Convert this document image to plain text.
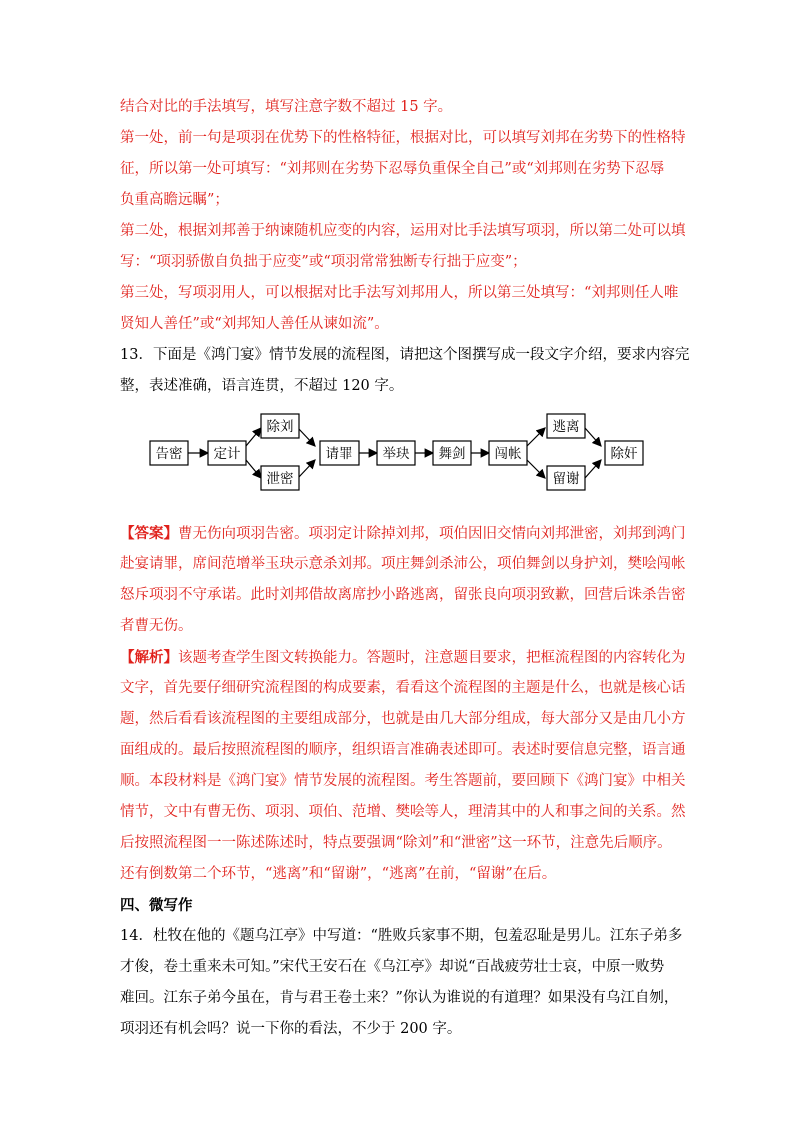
结合对比的手法填写，填写注意字数不超过 15 字。
第一处，前一句是项羽在优势下的性格特征，根据对比，可以填写刘邦在劣势下的性格特
征，所以第一处可填写：“刘邦则在劣势下忍辱负重保全自己”或“刘邦则在劣势下忍辱
负重高瞻远瞩”；
第二处，根据刘邦善于纳谏随机应变的内容，运用对比手法填写项羽，所以第二处可以填
写：“项羽骄傲自负拙于应变”或“项羽常常独断专行拙于应变”；
第三处，写项羽用人，可以根据对比手法写刘邦用人，所以第三处填写：“刘邦则任人唯
贤知人善任”或“刘邦知人善任从谏如流”。
13．下面是《鸿门宴》情节发展的流程图，请把这个图撰写成一段文字介绍，要求内容完
整，表述准确，语言连贯，不超过 120 字。
告密 定计
除刘
泄密
请罪 举玦 舞剑 闯帐
逃离
留谢
除奸
【答案】曹无伤向项羽告密。项羽定计除掉刘邦，项伯因旧交情向刘邦泄密，刘邦到鸿门
赴宴请罪，席间范增举玉玦示意杀刘邦。项庄舞剑杀沛公，项伯舞剑以身护刘，樊哙闯帐
怒斥项羽不守承诺。此时刘邦借故离席抄小路逃离，留张良向项羽致歉，回营后诛杀告密
者曹无伤。
【解析】该题考查学生图文转换能力。答题时，注意题目要求，把框流程图的内容转化为
文字，首先要仔细研究流程图的构成要素，看看这个流程图的主题是什么，也就是核心话
题，然后看看该流程图的主要组成部分，也就是由几大部分组成，每大部分又是由几小方
面组成的。最后按照流程图的顺序，组织语言准确表述即可。表述时要信息完整，语言通
顺。本段材料是《鸿门宴》情节发展的流程图。考生答题前，要回顾下《鸿门宴》中相关
情节，文中有曹无伤、项羽、项伯、范增、樊哙等人，理清其中的人和事之间的关系。然
后按照流程图一一陈述陈述时，特点要强调“除刘”和“泄密”这一环节，注意先后顺序。
还有倒数第二个环节，“逃离”和“留谢”，“逃离”在前，“留谢”在后。
四、微写作
14．杜牧在他的《题乌江亭》中写道：“胜败兵家事不期，包羞忍耻是男儿。江东子弟多
才俊，卷土重来未可知。”宋代王安石在《乌江亭》却说“百战疲劳壮士哀，中原一败势
难回。江东子弟今虽在，肯与君王卷土来？”你认为谁说的有道理？如果没有乌江自刎，
项羽还有机会吗？说一下你的看法，不少于 200 字。
